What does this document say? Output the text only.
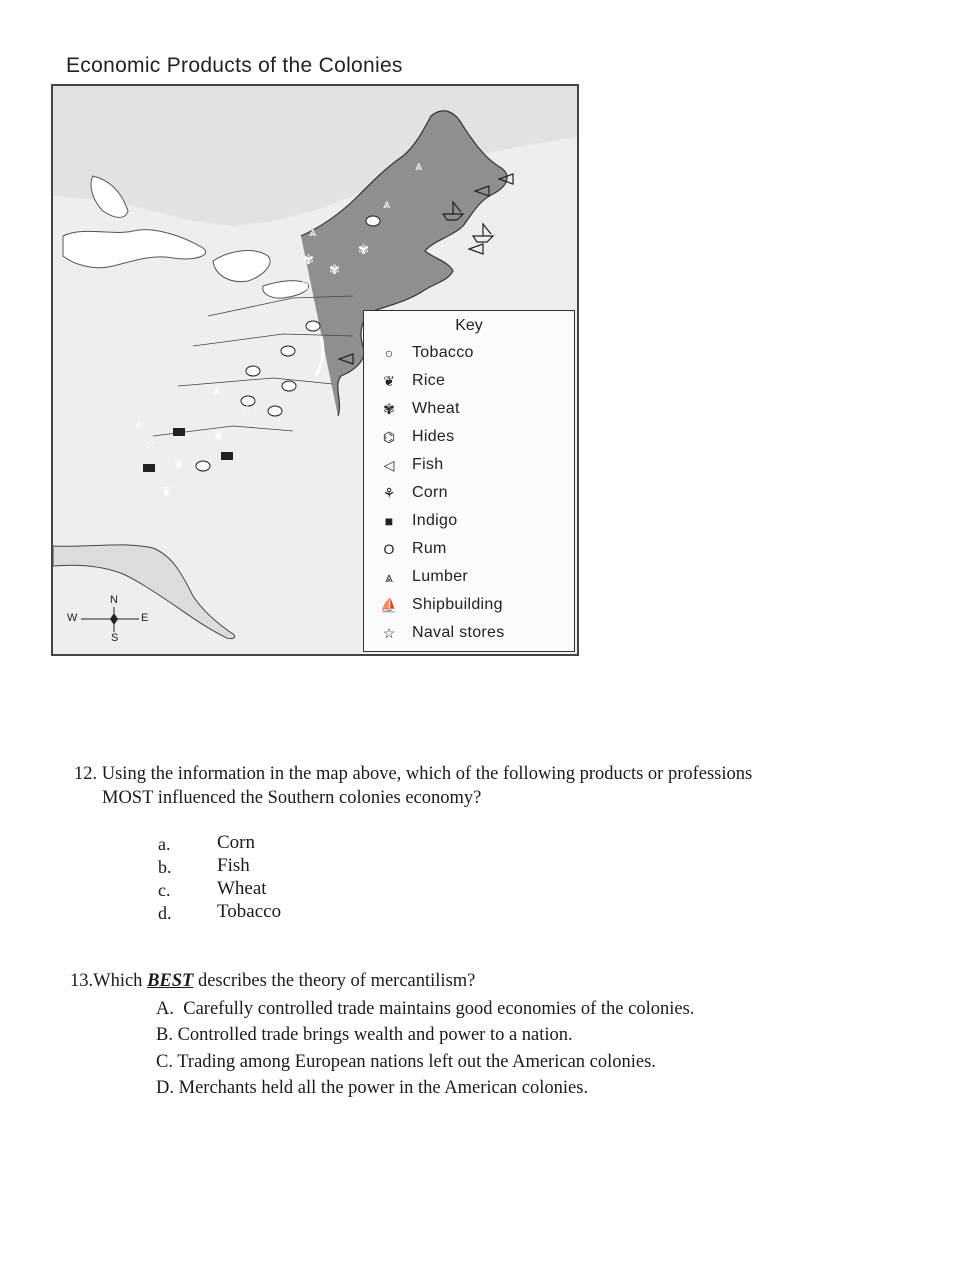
Economic Products of the Colonies
⩓
⩓
⩓
⩓
⩓
⩓
✾
✾
✾
✾
☆
☆
❦
❦
❦
Key
○	Tobacco
❦	Rice
✾	Wheat
⌬	Hides
◁	Fish
⚘	Corn
■	Indigo
O	Rum
⩓	Lumber
⛵ Shipbuilding
☆	Naval stores
N
W	E
S
12. Using the information in the map above, which of the following products or professions
MOST influenced the Southern colonies economy?
a. Corn
b. Fish
c. Wheat
d. Tobacco
13.Which BEST describes the theory of mercantilism?
A. Carefully controlled trade maintains good economies of the colonies.
B. Controlled trade brings wealth and power to a nation.
C. Trading among European nations left out the American colonies.
D. Merchants held all the power in the American colonies.
